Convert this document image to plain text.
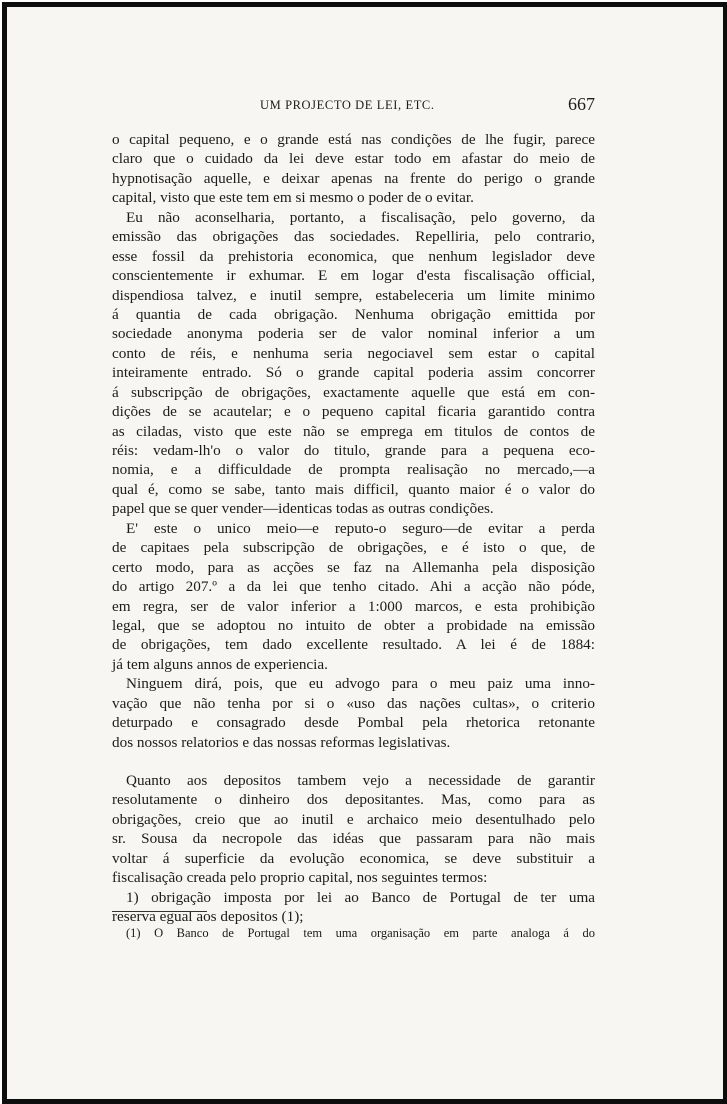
UM PROJECTO DE LEI, ETC.	667
o capital pequeno, e o grande está nas condições de lhe fugir, parece
claro que o cuidado da lei deve estar todo em afastar do meio de
hypnotisação aquelle, e deixar apenas na frente do perigo o grande
capital, visto que este tem em si mesmo o poder de o evitar.
Eu não aconselharia, portanto, a fiscalisação, pelo governo, da
emissão das obrigações das sociedades. Repelliria, pelo contrario,
esse fossil da prehistoria economica, que nenhum legislador deve
conscientemente ir exhumar. E em logar d'esta fiscalisação official,
dispendiosa talvez, e inutil sempre, estabeleceria um limite minimo
á quantia de cada obrigação. Nenhuma obrigação emittida por
sociedade anonyma poderia ser de valor nominal inferior a um
conto de réis, e nenhuma seria negociavel sem estar o capital
inteiramente entrado. Só o grande capital poderia assim concorrer
á subscripção de obrigações, exactamente aquelle que está em con-
dições de se acautelar; e o pequeno capital ficaria garantido contra
as ciladas, visto que este não se emprega em titulos de contos de
réis: vedam-lh'o o valor do titulo, grande para a pequena eco-
nomia, e a difficuldade de prompta realisação no mercado,—a
qual é, como se sabe, tanto mais difficil, quanto maior é o valor do
papel que se quer vender—identicas todas as outras condições.
E' este o unico meio—e reputo-o seguro—de evitar a perda
de capitaes pela subscripção de obrigações, e é isto o que, de
certo modo, para as acções se faz na Allemanha pela disposição
do artigo 207.º a da lei que tenho citado. Ahi a acção não póde,
em regra, ser de valor inferior a 1:000 marcos, e esta prohibição
legal, que se adoptou no intuito de obter a probidade na emissão
de obrigações, tem dado excellente resultado. A lei é de 1884:
já tem alguns annos de experiencia.
Ninguem dirá, pois, que eu advogo para o meu paiz uma inno-
vação que não tenha por si o «uso das nações cultas», o criterio
deturpado e consagrado desde Pombal pela rhetorica retonante
dos nossos relatorios e das nossas reformas legislativas.
Quanto aos depositos tambem vejo a necessidade de garantir
resolutamente o dinheiro dos depositantes. Mas, como para as
obrigações, creio que ao inutil e archaico meio desentulhado pelo
sr. Sousa da necropole das idéas que passaram para não mais
voltar á superficie da evolução economica, se deve substituir a
fiscalisação creada pelo proprio capital, nos seguintes termos:
1) obrigação imposta por lei ao Banco de Portugal de ter uma
reserva egual aos depositos (1);
(1) O Banco de Portugal tem uma organisação em parte analoga á do
